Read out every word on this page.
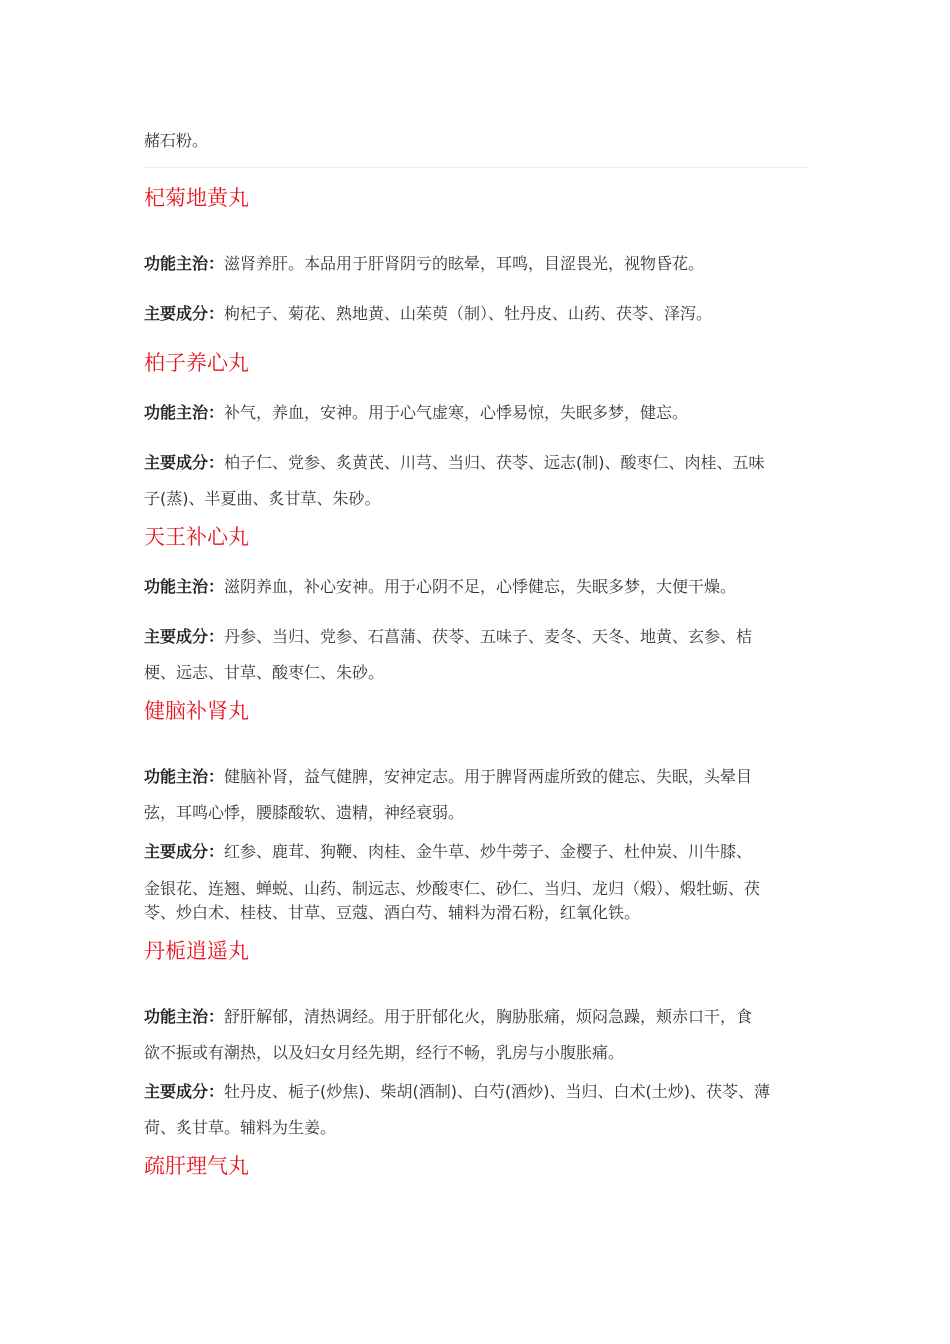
赭石粉。

杞菊地黄丸

功能主治：滋肾养肝。本品用于肝肾阴亏的眩晕，耳鸣，目涩畏光，视物昏花。

主要成分：枸杞子、菊花、熟地黄、山茱萸（制）、牡丹皮、山药、茯苓、泽泻。

柏子养心丸

功能主治：补气，养血，安神。用于心气虚寒，心悸易惊，失眠多梦，健忘。

主要成分：柏子仁、党参、炙黄芪、川芎、当归、茯苓、远志(制)、酸枣仁、肉桂、五味

子(蒸)、半夏曲、炙甘草、朱砂。

天王补心丸

功能主治：滋阴养血，补心安神。用于心阴不足，心悸健忘，失眠多梦，大便干燥。

主要成分：丹参、当归、党参、石菖蒲、茯苓、五味子、麦冬、天冬、地黄、玄参、桔

梗、远志、甘草、酸枣仁、朱砂。

健脑补肾丸

功能主治：健脑补肾，益气健脾，安神定志。用于脾肾两虚所致的健忘、失眠，头晕目

弦，耳鸣心悸，腰膝酸软、遗精，神经衰弱。

主要成分：红参、鹿茸、狗鞭、肉桂、金牛草、炒牛蒡子、金樱子、杜仲炭、川牛膝、

金银花、连翘、蝉蜕、山药、制远志、炒酸枣仁、砂仁、当归、龙归（煅）、煅牡蛎、茯

苓、炒白术、桂枝、甘草、豆蔻、酒白芍、辅料为滑石粉，红氧化铁。

丹栀逍遥丸

功能主治：舒肝解郁，清热调经。用于肝郁化火，胸胁胀痛，烦闷急躁，颊赤口干，食

欲不振或有潮热，以及妇女月经先期，经行不畅，乳房与小腹胀痛。

主要成分：牡丹皮、栀子(炒焦)、柴胡(酒制)、白芍(酒炒)、当归、白术(土炒)、茯苓、薄

荷、炙甘草。辅料为生姜。

疏肝理气丸
